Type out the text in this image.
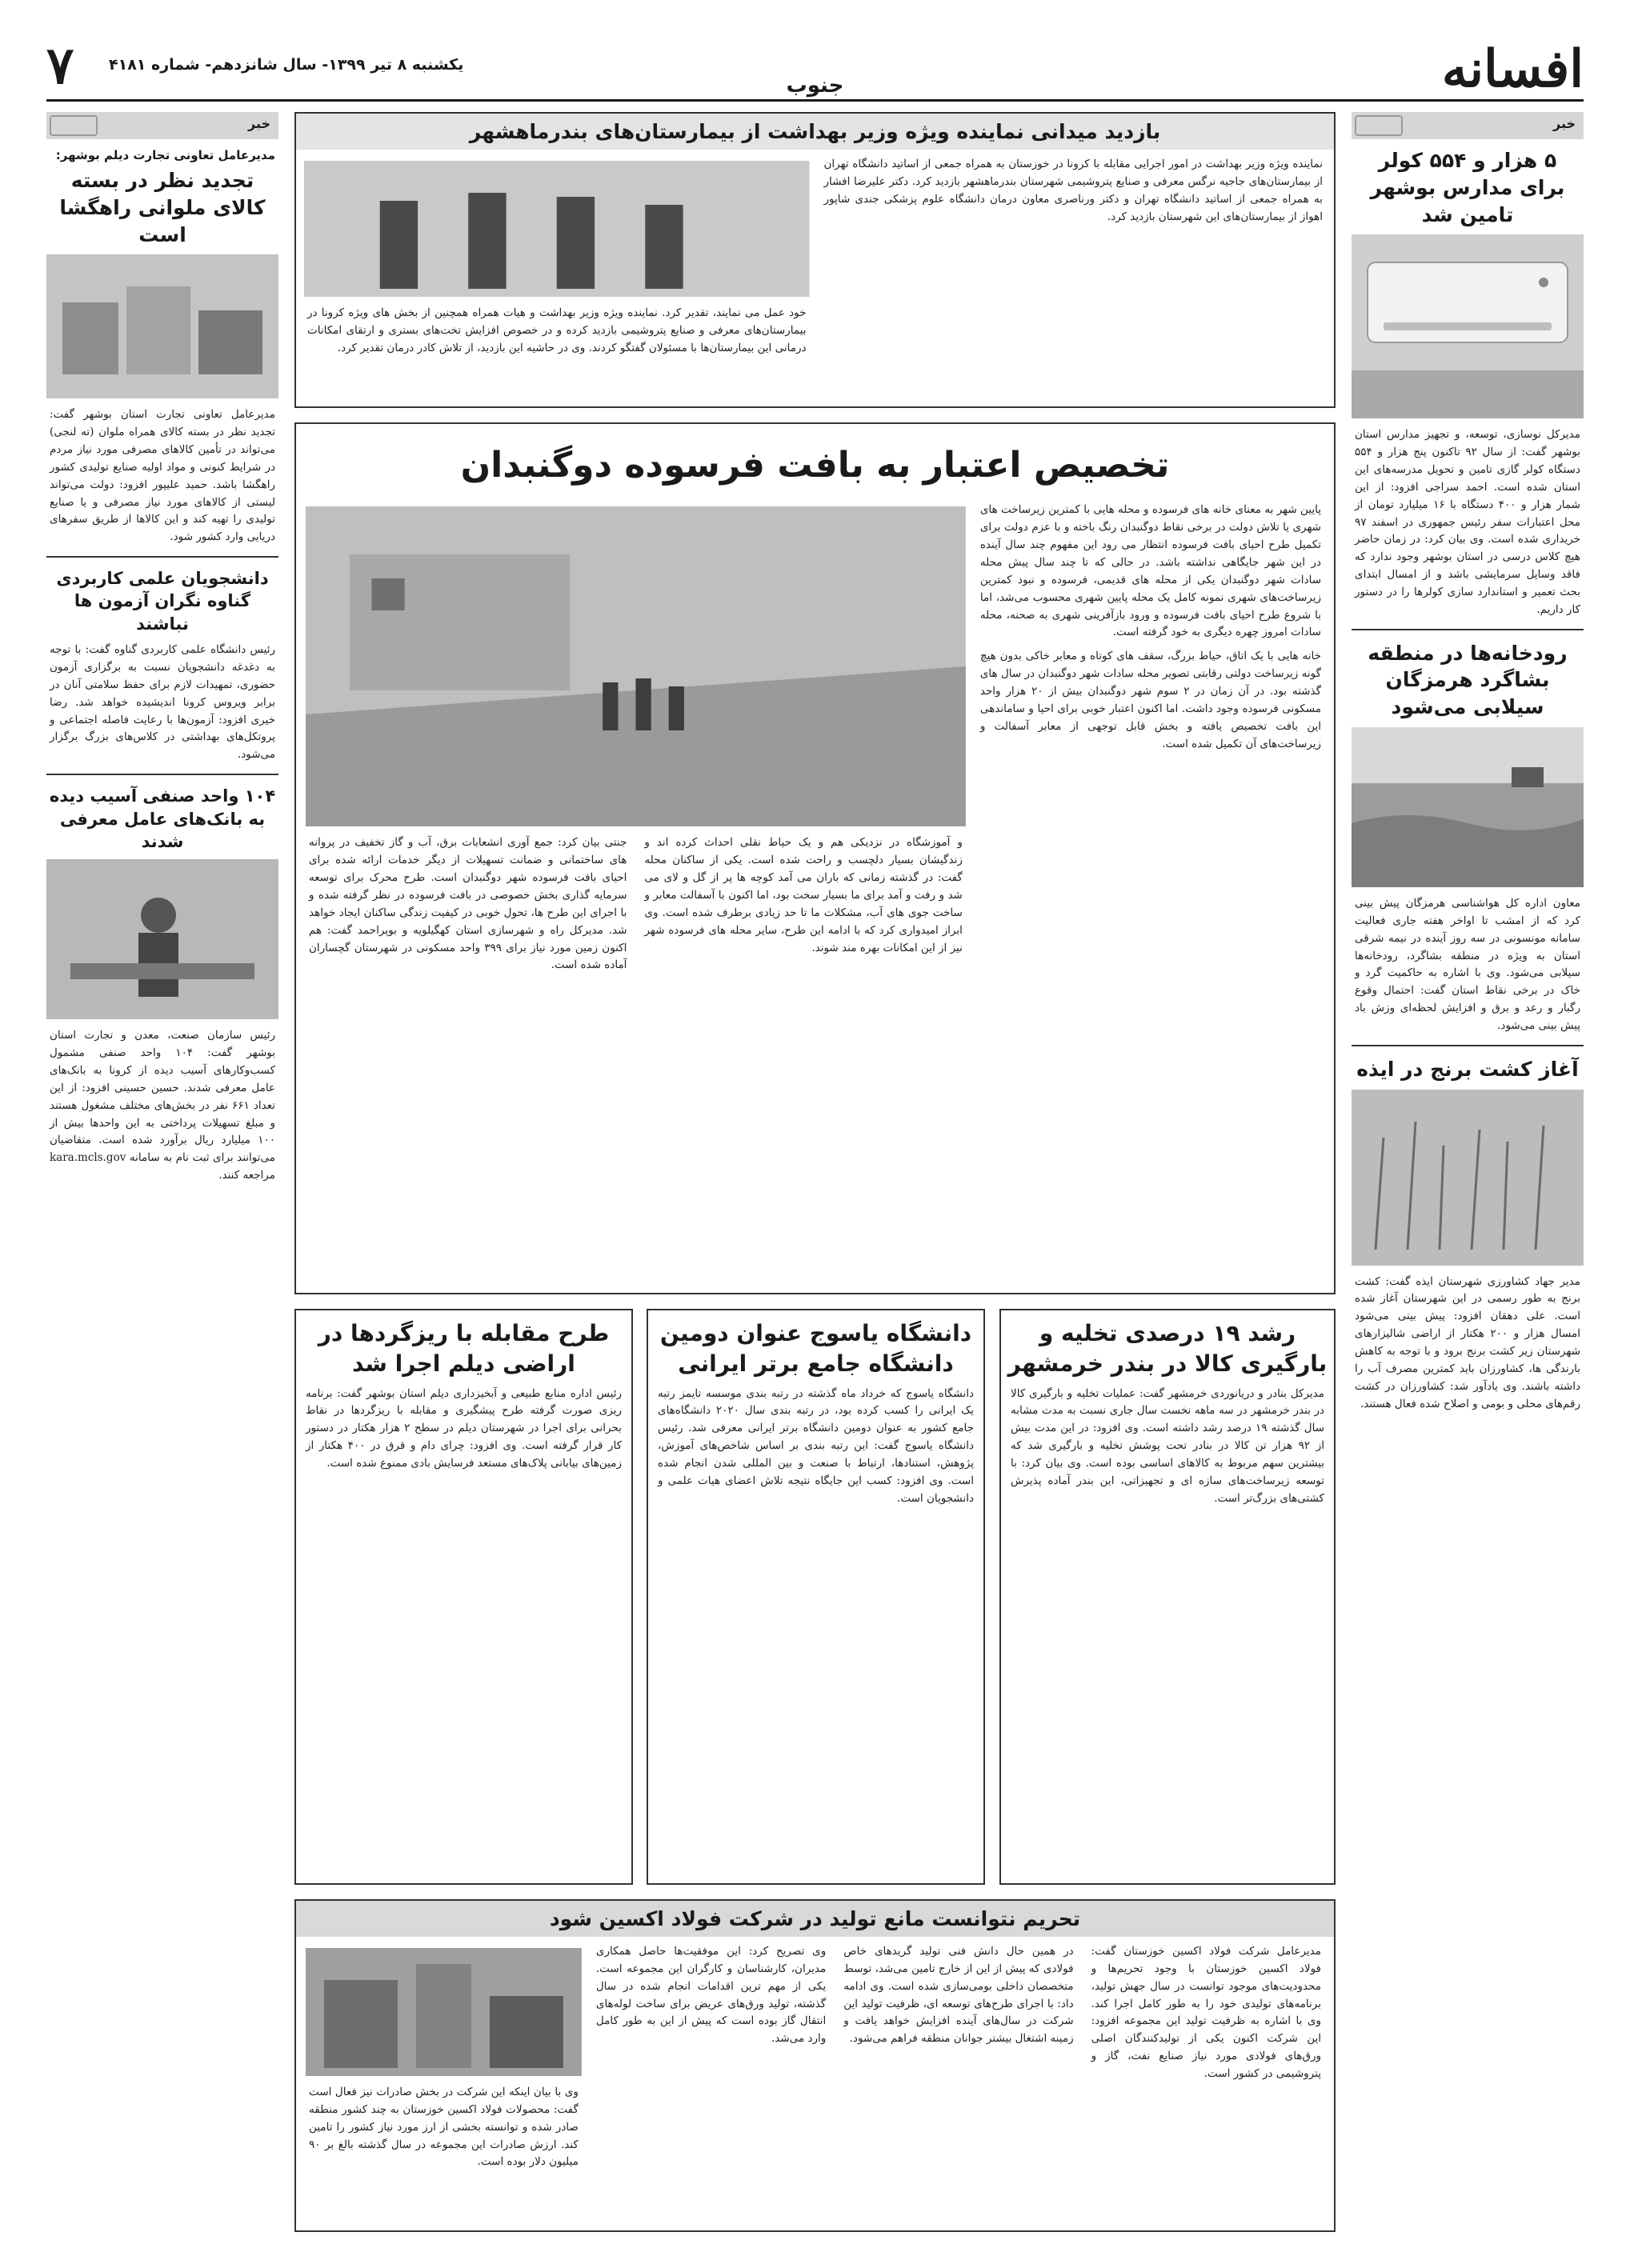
افسانه
جنوب
یکشنبه ۸ تیر ۱۳۹۹- سال شانزدهم- شماره ۴۱۸۱
۷
خبر
۵ هزار و ۵۵۴ کولر برای مدارس بوشهر تامین شد

مدیرکل نوسازی، توسعه، و تجهیز مدارس استان بوشهر گفت: از سال ۹۲ تاکنون پنج هزار و ۵۵۴ دستگاه کولر گازی تامین و تحویل مدرسه‌های این استان شده است. احمد سراجی افزود: از این شمار هزار و ۴۰۰ دستگاه با ۱۶ میلیارد تومان از محل اعتبارات سفر رئیس جمهوری در اسفند ۹۷ خریداری شده است. وی بیان کرد: در زمان حاضر هیچ کلاس درسی در استان بوشهر وجود ندارد که فاقد وسایل سرمایشی باشد و از امسال ابتدای بحث تعمیر و استاندارد سازی کولرها را در دستور کار داریم.

رودخانه‌ها در منطقه بشاگرد هرمزگان سیلابی می‌شود

معاون اداره کل هواشناسی هرمزگان پیش بینی کرد که از امشب تا اواخر هفته جاری فعالیت سامانه مونسونی در سه روز آینده در نیمه شرقی استان به ویژه در منطقه بشاگرد، رودخانه‌ها سیلابی می‌شود. وی با اشاره به حاکمیت گرد و خاک در برخی نقاط استان گفت: احتمال وقوع رگبار و رعد و برق و افزایش لحظه‌ای وزش باد پیش بینی می‌شود.

آغاز کشت برنج در ایذه

مدیر جهاد کشاورزی شهرستان ایذه گفت: کشت برنج به طور رسمی در این شهرستان آغاز شده است. علی دهقان افزود: پیش بینی می‌شود امسال هزار و ۲۰۰ هکتار از اراضی شالیزارهای شهرستان زیر کشت برنج برود و با توجه به کاهش بارندگی ها، کشاورزان باید کمترین مصرف آب را داشته باشند. وی یادآور شد: کشاورزان در کشت رقم‌های محلی و بومی و اصلاح شده فعال هستند.

خبر
مدیرعامل تعاونی تجارت دیلم بوشهر:
تجدید نظر در بسته کالای ملوانی راهگشا است

مدیرعامل تعاونی تجارت استان بوشهر گفت: تجدید نظر در بسته کالای همراه ملوان (ته لنجی) می‌تواند در تأمین کالاهای مصرفی مورد نیاز مردم در شرایط کنونی و مواد اولیه صنایع تولیدی کشور راهگشا باشد. حمید علیپور افزود: دولت می‌تواند لیستی از کالاهای مورد نیاز مصرفی و یا صنایع تولیدی را تهیه کند و این کالاها از طریق سفرهای دریایی وارد کشور شود.

دانشجویان علمی کاربردی گناوه نگران آزمون ها نباشند

رئیس دانشگاه علمی کاربردی گناوه گفت: با توجه به دغدغه دانشجویان نسبت به برگزاری آزمون حضوری، تمهیدات لازم برای حفظ سلامتی آنان در برابر ویروس کرونا اندیشیده خواهد شد. رضا خیری افزود: آزمون‌ها با رعایت فاصله اجتماعی و پروتکل‌های بهداشتی در کلاس‌های بزرگ برگزار می‌شود.

۱۰۴ واحد صنفی آسیب دیده به بانک‌های عامل معرفی شدند

رئیس سازمان صنعت، معدن و تجارت استان بوشهر گفت: ۱۰۴ واحد صنفی مشمول کسب‌وکارهای آسیب دیده از کرونا به بانک‌های عامل معرفی شدند. حسین حسینی افزود: از این تعداد ۶۶۱ نفر در بخش‌های مختلف مشغول هستند و مبلغ تسهیلات پرداختی به این واحدها بیش از ۱۰۰ میلیارد ریال برآورد شده است. متقاضیان می‌توانند برای ثبت نام به سامانه kara.mcls.gov مراجعه کنند.

بازدید میدانی نماینده ویژه وزیر بهداشت از بیمارستان‌های بندرماهشهر

نماینده ویژه وزیر بهداشت در امور اجرایی مقابله با کرونا در خوزستان به همراه جمعی از اساتید دانشگاه تهران از بیمارستان‌های جاجیه نرگس معرفی و صنایع پتروشیمی شهرستان بندرماهشهر بازدید کرد. دکتر علیرضا افشار به همراه جمعی از اساتید دانشگاه تهران و دکتر ورناصری معاون درمان دانشگاه علوم پزشکی جندی شاپور اهواز از بیمارستان‌های این شهرستان بازدید کرد.

خود عمل می نمایند، تقدیر کرد. نماینده ویژه وزیر بهداشت و هیات همراه همچنین از بخش های ویژه کرونا در بیمارستان‌های معرفی و صنایع پتروشیمی بازدید کرده و در خصوص افزایش تخت‌های بستری و ارتقای امکانات درمانی این بیمارستان‌ها با مسئولان گفتگو کردند. وی در حاشیه این بازدید، از تلاش کادر درمان تقدیر کرد.

تخصیص اعتبار به بافت فرسوده دوگنبدان

پایین شهر به معنای خانه های فرسوده و محله هایی با کمترین زیرساخت های شهری یا تلاش دولت در برخی نقاط دوگنبدان رنگ باخته و با عزم دولت برای تکمیل طرح احیای بافت فرسوده انتظار می رود این مفهوم چند سال آینده در این شهر جایگاهی نداشته باشد. در حالی که تا چند سال پیش محله سادات شهر دوگنبدان یکی از محله های قدیمی، فرسوده و نبود کمترین زیرساخت‌های شهری نمونه کامل یک محله پایین شهری محسوب می‌شد، اما با شروع طرح احیای بافت فرسوده و ورود بازآفرینی شهری به صحنه، محله سادات امروز چهره دیگری به خود گرفته است.

خانه هایی با یک اتاق، حیاط بزرگ، سقف های کوتاه و معابر خاکی بدون هیچ گونه زیرساخت دولتی رقابتی تصویر محله سادات شهر دوگنبدان در سال های گذشته بود. در آن زمان در ۲ سوم شهر دوگنبدان بیش از ۲۰ هزار واحد مسکونی فرسوده وجود داشت. اما اکنون اعتبار خوبی برای احیا و ساماندهی این بافت تخصیص یافته و بخش قابل توجهی از معابر آسفالت و زیرساخت‌های آن تکمیل شده است.

و آموزشگاه در نزدیکی هم و یک حیاط نقلی احداث کرده اند و زندگیشان بسیار دلچسب و راحت شده است. یکی از ساکنان محله گفت: در گذشته زمانی که باران می آمد کوچه ها پر از گل و لای می شد و رفت و آمد برای ما بسیار سخت بود، اما اکنون با آسفالت معابر و ساخت جوی های آب، مشکلات ما تا حد زیادی برطرف شده است. وی ابراز امیدواری کرد که با ادامه این طرح، سایر محله های فرسوده شهر نیز از این امکانات بهره مند شوند.

جنتی بیان کرد: جمع آوری انشعابات برق، آب و گاز تخفیف در پروانه های ساختمانی و ضمانت تسهیلات از دیگر خدمات ارائه شده برای احیای بافت فرسوده شهر دوگنبدان است. طرح محرک برای توسعه سرمایه گذاری بخش خصوصی در بافت فرسوده در نظر گرفته شده و با اجرای این طرح ها، تحول خوبی در کیفیت زندگی ساکنان ایجاد خواهد شد. مدیرکل راه و شهرسازی استان کهگیلویه و بویراحمد گفت: هم اکنون زمین مورد نیاز برای ۳۹۹ واحد مسکونی در شهرستان گچساران آماده شده است.

رشد ۱۹ درصدی تخلیه و بارگیری کالا در بندر خرمشهر

مدیرکل بنادر و دریانوردی خرمشهر گفت: عملیات تخلیه و بارگیری کالا در بندر خرمشهر در سه ماهه نخست سال جاری نسبت به مدت مشابه سال گذشته ۱۹ درصد رشد داشته است. وی افزود: در این مدت بیش از ۹۲ هزار تن کالا در بنادر تحت پوشش تخلیه و بارگیری شد که بیشترین سهم مربوط به کالاهای اساسی بوده است. وی بیان کرد: با توسعه زیرساخت‌های سازه ای و تجهیزاتی، این بندر آماده پذیرش کشتی‌های بزرگ‌تر است.

دانشگاه یاسوج عنوان دومین دانشگاه جامع برتر ایرانی

دانشگاه یاسوج که خرداد ماه گذشته در رتبه بندی موسسه تایمز رتبه یک ایرانی را کسب کرده بود، در رتبه بندی سال ۲۰۲۰ دانشگاه‌های جامع کشور به عنوان دومین دانشگاه برتر ایرانی معرفی شد. رئیس دانشگاه یاسوج گفت: این رتبه بندی بر اساس شاخص‌های آموزش، پژوهش، استنادها، ارتباط با صنعت و بین المللی شدن انجام شده است. وی افزود: کسب این جایگاه نتیجه تلاش اعضای هیات علمی و دانشجویان است.

طرح مقابله با ریزگردها در اراضی دیلم اجرا شد

رئیس اداره منابع طبیعی و آبخیزداری دیلم استان بوشهر گفت: برنامه ریزی صورت گرفته طرح پیشگیری و مقابله با ریزگردها در نقاط بحرانی برای اجرا در شهرستان دیلم در سطح ۲ هزار هکتار در دستور کار قرار گرفته است. وی افزود: چرای دام و قرق در ۴۰۰ هکتار از زمین‌های بیابانی پلاک‌های مستعد فرسایش بادی ممنوع شده است.

تحریم نتوانست مانع تولید در شرکت فولاد اکسین شود

مدیرعامل شرکت فولاد اکسین خوزستان گفت: فولاد اکسین خوزستان با وجود تحریم‌ها و محدودیت‌های موجود توانست در سال جهش تولید، برنامه‌های تولیدی خود را به طور کامل اجرا کند. وی با اشاره به ظرفیت تولید این مجموعه افزود: این شرکت اکنون یکی از تولیدکنندگان اصلی ورق‌های فولادی مورد نیاز صنایع نفت، گاز و پتروشیمی در کشور است.

در همین حال دانش فنی تولید گریدهای خاص فولادی که پیش از این از خارج تامین می‌شد، توسط متخصصان داخلی بومی‌سازی شده است. وی ادامه داد: با اجرای طرح‌های توسعه ای، ظرفیت تولید این شرکت در سال‌های آینده افزایش خواهد یافت و زمینه اشتغال بیشتر جوانان منطقه فراهم می‌شود.

وی تصریح کرد: این موفقیت‌ها حاصل همکاری مدیران، کارشناسان و کارگران این مجموعه است. یکی از مهم ترین اقدامات انجام شده در سال گذشته، تولید ورق‌های عریض برای ساخت لوله‌های انتقال گاز بوده است که پیش از این به طور کامل وارد می‌شد.

وی با بیان اینکه این شرکت در بخش صادرات نیز فعال است گفت: محصولات فولاد اکسین خوزستان به چند کشور منطقه صادر شده و توانسته بخشی از ارز مورد نیاز کشور را تامین کند. ارزش صادرات این مجموعه در سال گذشته بالغ بر ۹۰ میلیون دلار بوده است.
